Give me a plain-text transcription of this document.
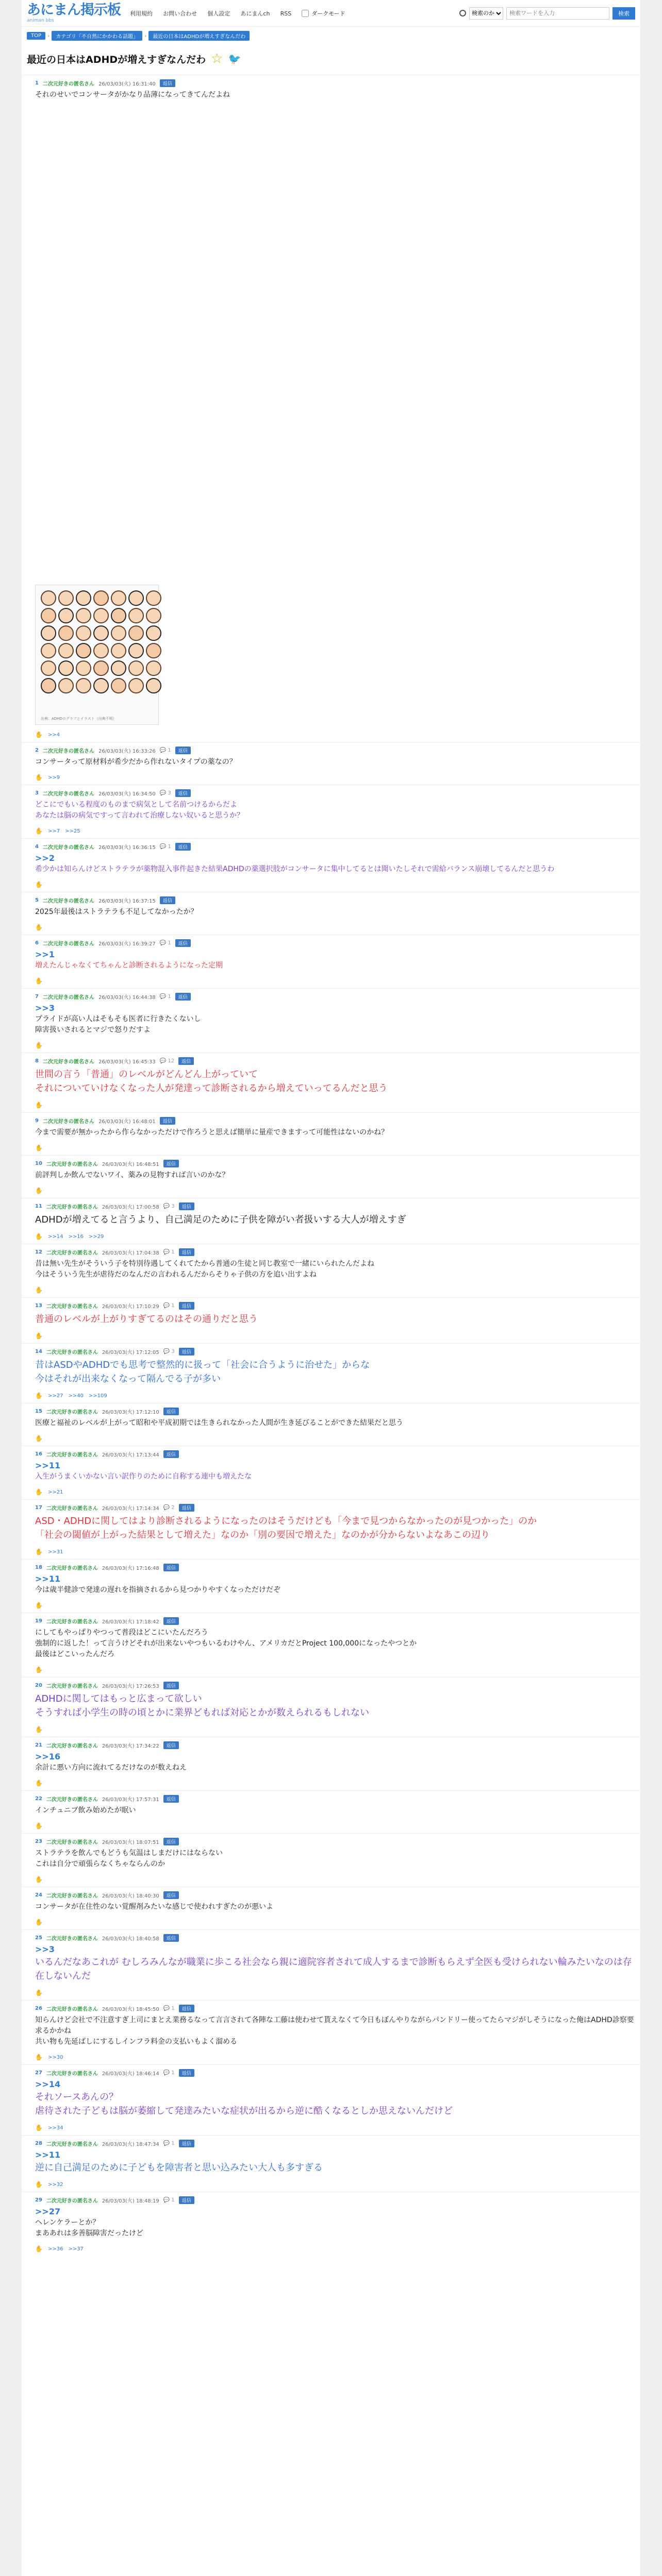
あにまん掲示板
animan bbs
利用規約 お問い合わせ 個人設定 あにまんch RSS	ダークモード
検索のか
検索ワードを入力	検索
TOP	›	カテゴリ「不自然にかかわる話題」	›	最近の日本はADHDが増えすぎなんだわ
最近の日本はADHDが増えすぎなんだわ ☆ 🐦
1 二次元好きの匿名さん 26/03/03(火) 16:31:40	返信
それのせいでコンサータがかなり品薄になってきてんだよね
出典：ADHDのグラフとイラスト（出典不明）
✋ >>4
2 二次元好きの匿名さん 26/03/03(火) 16:33:26 💬 1	返信
コンサータって原材料が希少だから作れないタイプの薬なの？
✋ >>9
3 二次元好きの匿名さん 26/03/03(火) 16:34:50 💬 3	返信
どこにでもいる程度のものまで病気として名前つけるからだよ
あなたは脳の病気ですって言われて治療しない奴いると思うか？
✋ >>7 >>25
4 二次元好きの匿名さん 26/03/03(火) 16:36:15 💬 1	返信
>>2
希少かは知らんけどストラテラが薬物混入事件起きた結果ADHDの薬選択肢がコンサータに集中してるとは聞いたしそれで需給バランス崩壊してるんだと思うわ
✋
5 二次元好きの匿名さん 26/03/03(火) 16:37:15	返信
2025年最後はストラテラも不足してなかったか？
✋
6 二次元好きの匿名さん 26/03/03(火) 16:39:27 💬 1	返信
>>1
増えたんじゃなくてちゃんと診断されるようになった定期
✋
7 二次元好きの匿名さん 26/03/03(火) 16:44:38 💬 1	返信
>>3
プライドが高い人はそもそも医者に行きたくないし
障害扱いされるとマジで怒りだすよ
✋
8 二次元好きの匿名さん 26/03/03(火) 16:45:33 💬 12	返信
世間の言う「普通」のレベルがどんどん上がっていて
それについていけなくなった人が発達って診断されるから増えていってるんだと思う
✋
9 二次元好きの匿名さん 26/03/03(火) 16:48:01	返信
今まで需要が無かったから作らなかっただけで作ろうと思えば簡単に量産できますって可能性はないのかね？
✋
10 二次元好きの匿名さん 26/03/03(火) 16:48:51	返信
前評判しか飲んでないワイ、薬みの見物すれば言いのかな？
✋
11 二次元好きの匿名さん 26/03/03(火) 17:00:58 💬 3	返信
ADHDが増えてると言うより、自己満足のために子供を障がい者扱いする大人が増えすぎ
✋ >>14 >>16 >>29
12 二次元好きの匿名さん 26/03/03(火) 17:04:38 💬 1	返信
昔は無い先生がそういう子を特別待遇してくれてたから普通の生徒と同じ教室で一緒にいられたんだよね
今はそういう先生が虐待だのなんだの言われるんだからそりゃ子供の方を追い出すよね
✋
13 二次元好きの匿名さん 26/03/03(火) 17:10:29 💬 1	返信
普通のレベルが上がりすぎてるのはその通りだと思う
✋
14 二次元好きの匿名さん 26/03/03(火) 17:12:05 💬 3	返信
昔はASDやADHDでも思考で整然的に扱って「社会に合うように治せた」からな
今はそれが出来なくなって隔んでる子が多い
✋ >>27 >>40 >>109
15 二次元好きの匿名さん 26/03/03(火) 17:12:10	返信
医療と福祉のレベルが上がって昭和や平成初期では生きられなかった人間が生き延びることができた結果だと思う
✋
16 二次元好きの匿名さん 26/03/03(火) 17:13:44	返信
>>11
入生がうまくいかない言い訳作りのために自称する連中も増えたな
✋ >>21
17 二次元好きの匿名さん 26/03/03(火) 17:14:34 💬 2	返信
ASD・ADHDに関してはより診断されるようになったのはそうだけども「今まで見つからなかったのが見つかった」のか
「社会の閾値が上がった結果として増えた」なのか「別の要因で増えた」なのかが分からないよなあこの辺り
✋ >>31
18 二次元好きの匿名さん 26/03/03(火) 17:16:48	返信
>>11
今は歳半健診で発達の遅れを指摘されるから見つかりやすくなっただけだぞ
✋
19 二次元好きの匿名さん 26/03/03(火) 17:18:42	返信
にしてもやっぱりやつって普段はどこにいたんだろう
強制的に返した！って言うけどそれが出来ないやつもいるわけやん、アメリカだとProject 100,000になったやつとか
最後はどこいったんだろ
✋
20 二次元好きの匿名さん 26/03/03(火) 17:26:53	返信
ADHDに関してはもっと広まって欲しい
そうすれば小学生の時の頃とかに業界どもれば対応とかが数えられるもしれない
✋
21 二次元好きの匿名さん 26/03/03(火) 17:34:22	返信
>>16
余計に悪い方向に流れてるだけなのが数えねえ
✋
22 二次元好きの匿名さん 26/03/03(火) 17:57:31	返信
インチュニブ飲み始めたが眠い
✋
23 二次元好きの匿名さん 26/03/03(火) 18:07:51	返信
ストラテラを飲んでもどうも気温はしまだけにはならない
これは自分で頑張らなくちゃならんのか
✋
24 二次元好きの匿名さん 26/03/03(火) 18:40:30	返信
コンサータが在住性のない覚醒剤みたいな感じで使われすぎたのが悪いよ
✋
25 二次元好きの匿名さん 26/03/03(火) 18:40:58	返信
>>3
いるんだなあこれが むしろみんなが職業に歩こる社会なら親に適院容者されて成人するまで診断もらえず全医も受けられない輪みたいなのは存在しないんだ
✋
26 二次元好きの匿名さん 26/03/03(火) 18:45:50 💬 1	返信
知らんけど会社で不注意すぎ上司にまとえ業務るなって言言されて各陣な工藤は使わせて貰えなくて今日もぼんやりながらパンドリー使ってたらマジがしそうになった俺はADHD診察要求るかかね
共い物も先延ばしにするしインフラ料金の支払いもよく溜める
✋ >>30
27 二次元好きの匿名さん 26/03/03(火) 18:46:14 💬 1	返信
>>14
それソースあんの？
虐待された子どもは脳が萎縮して発達みたいな症状が出るから逆に酷くなるとしか思えないんだけど
✋ >>34
28 二次元好きの匿名さん 26/03/03(火) 18:47:34 💬 1	返信
>>11
逆に自己満足のために子どもを障害者と思い込みたい大人も多すぎる
✋ >>32
29 二次元好きの匿名さん 26/03/03(火) 18:48:19 💬 1	返信
>>27
ヘレンケラーとか？
まああれは多善脳障害だったけど
✋ >>36 >>37
